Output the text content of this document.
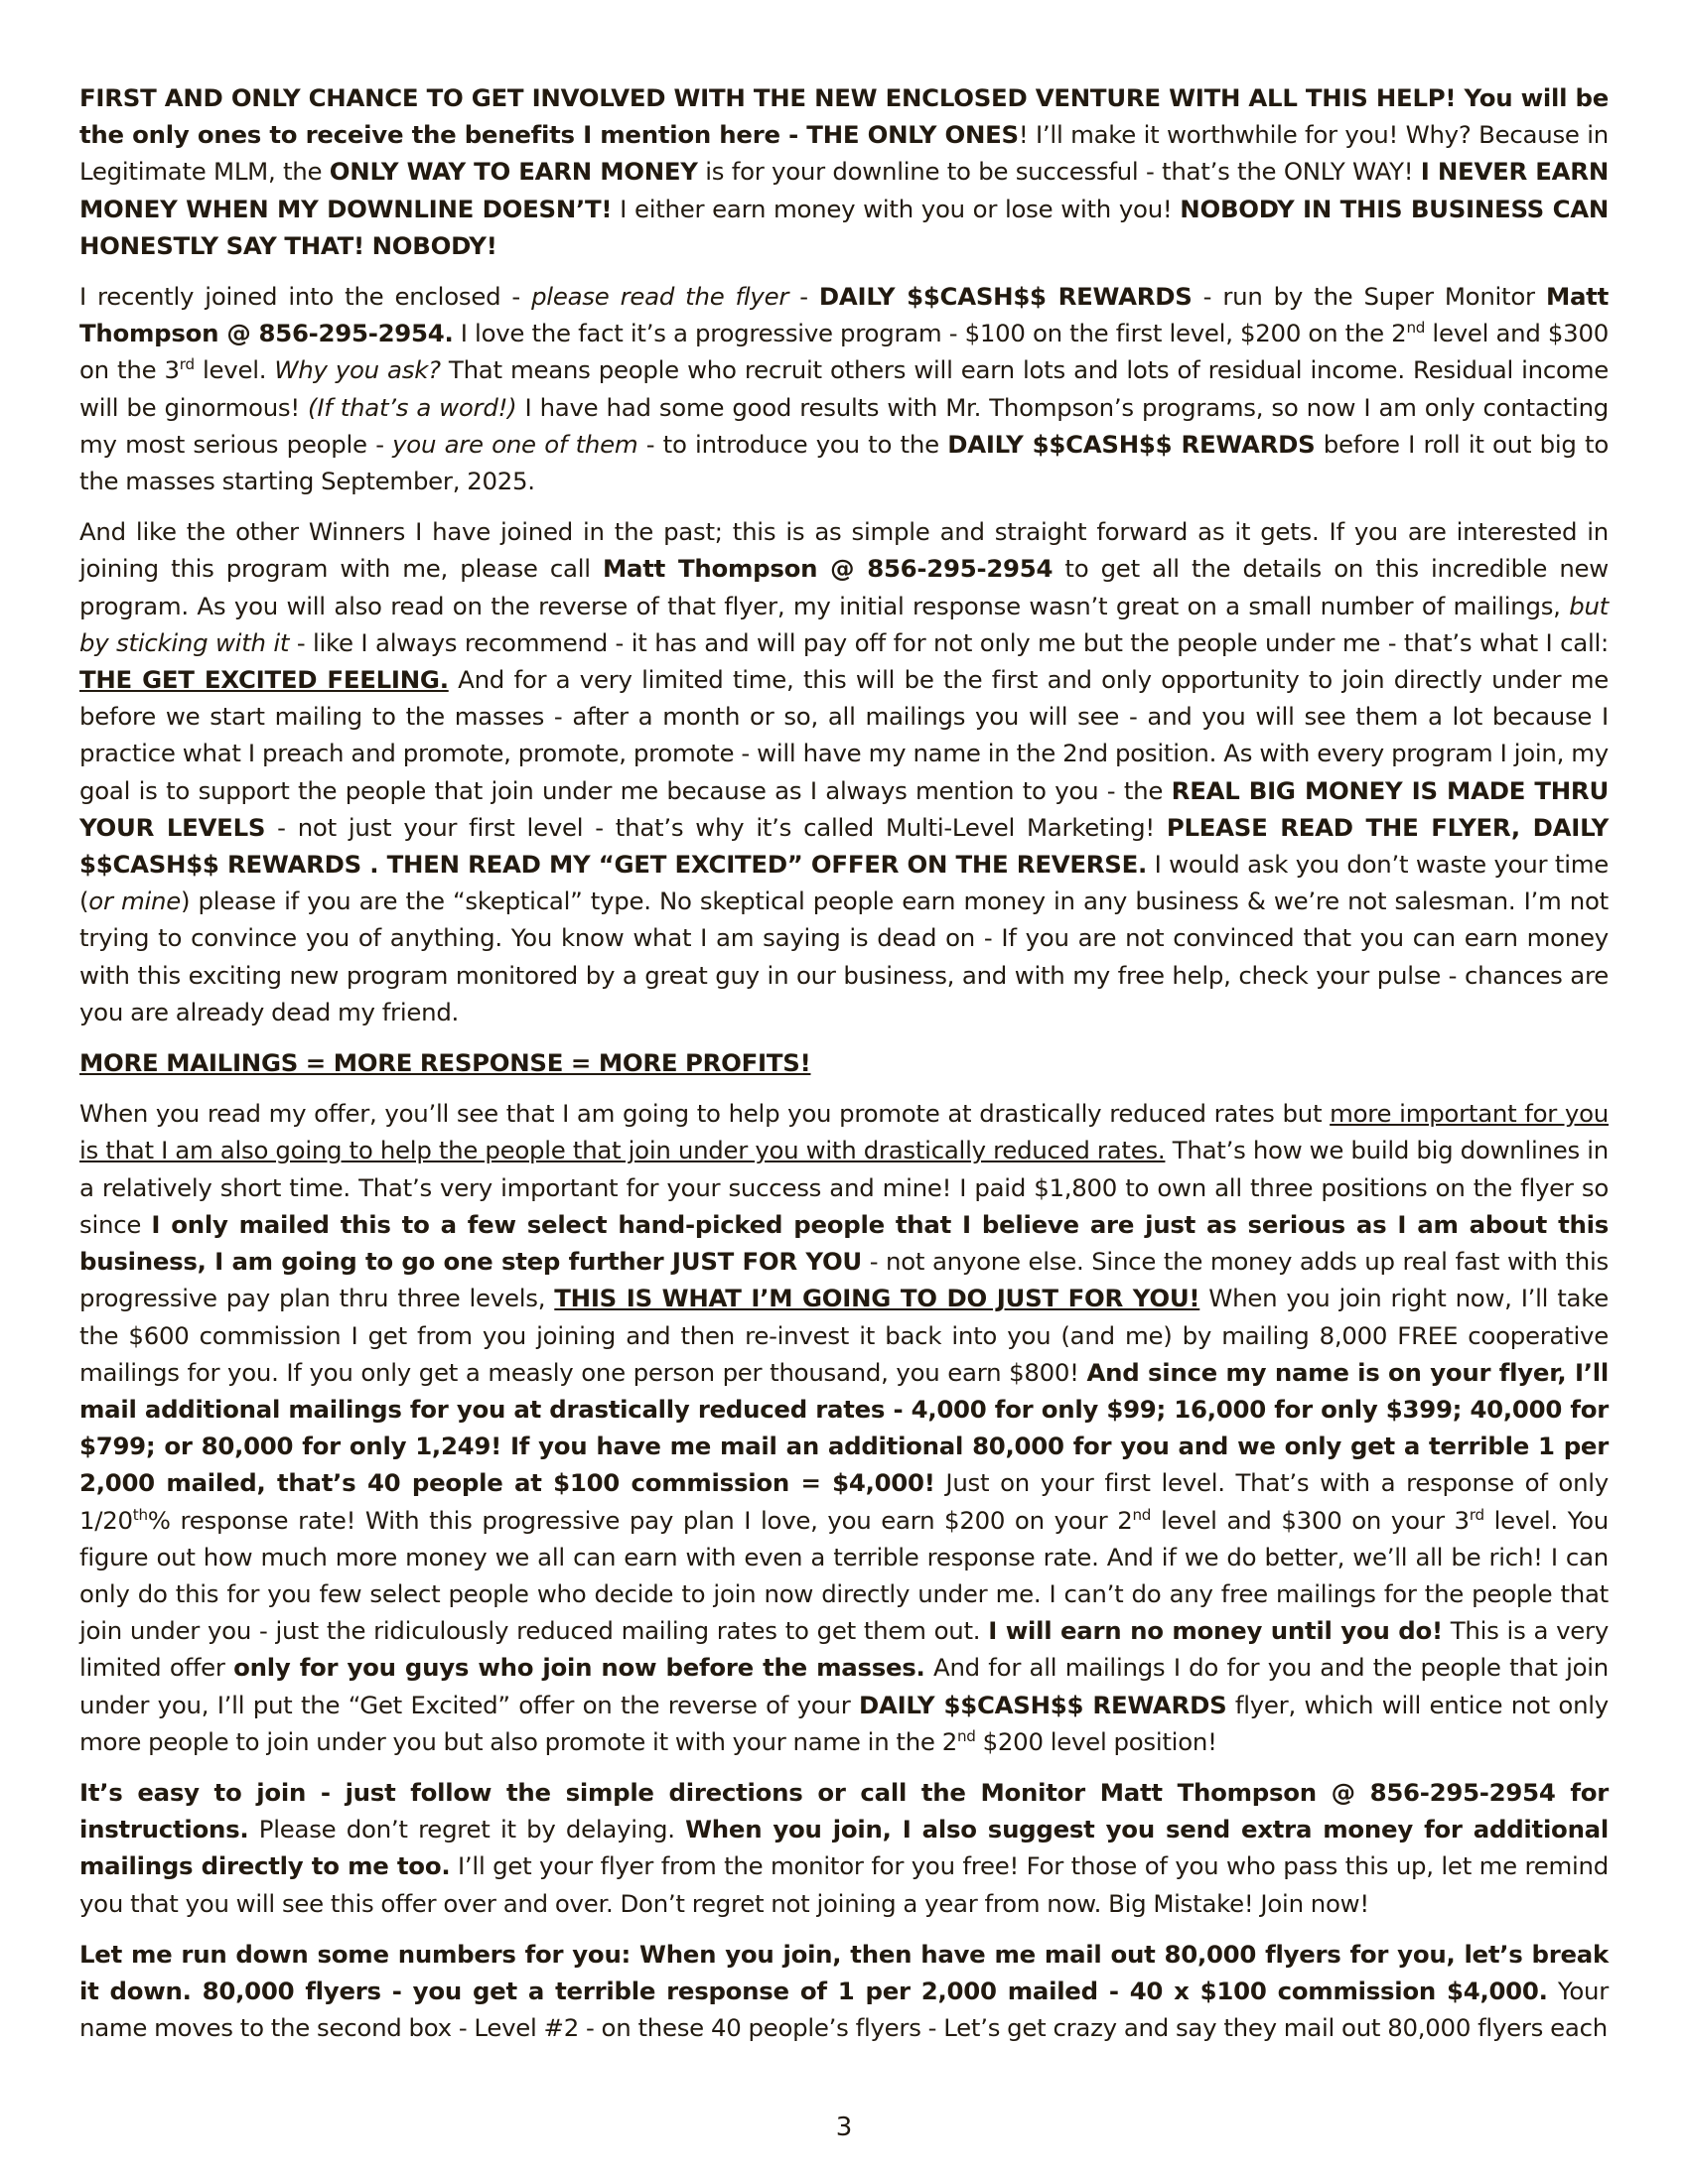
FIRST AND ONLY CHANCE TO GET INVOLVED WITH THE NEW ENCLOSED VENTURE WITH ALL THIS HELP! You will be the only ones to receive the benefits I mention here - THE ONLY ONES! I’ll make it worthwhile for you! Why? Because in Legitimate MLM, the ONLY WAY TO EARN MONEY is for your downline to be successful - that’s the ONLY WAY! I NEVER EARN MONEY WHEN MY DOWNLINE DOESN’T! I either earn money with you or lose with you! NOBODY IN THIS BUSINESS CAN HONESTLY SAY THAT! NOBODY!

I recently joined into the enclosed - please read the flyer - DAILY $$CASH$$ REWARDS - run by the Super Monitor Matt Thompson @ 856-295-2954. I love the fact it’s a progressive program - $100 on the first level, $200 on the 2nd level and $300 on the 3rd level. Why you ask? That means people who recruit others will earn lots and lots of residual income. Residual income will be ginormous! (If that’s a word!) I have had some good results with Mr. Thompson’s programs, so now I am only contacting my most serious people - you are one of them - to introduce you to the DAILY $$CASH$$ REWARDS before I roll it out big to the masses starting September, 2025.

And like the other Winners I have joined in the past; this is as simple and straight forward as it gets. If you are interested in joining this program with me, please call Matt Thompson @ 856-295-2954 to get all the details on this incredible new program. As you will also read on the reverse of that flyer, my initial response wasn’t great on a small number of mailings, but by sticking with it - like I always recommend - it has and will pay off for not only me but the people under me - that’s what I call: THE GET EXCITED FEELING. And for a very limited time, this will be the first and only opportunity to join directly under me before we start mailing to the masses - after a month or so, all mailings you will see - and you will see them a lot because I practice what I preach and promote, promote, promote - will have my name in the 2nd position. As with every program I join, my goal is to support the people that join under me because as I always mention to you - the REAL BIG MONEY IS MADE THRU YOUR LEVELS - not just your first level - that’s why it’s called Multi-Level Marketing! PLEASE READ THE FLYER, DAILY $$CASH$$ REWARDS . THEN READ MY “GET EXCITED” OFFER ON THE REVERSE. I would ask you don’t waste your time (or mine) please if you are the “skeptical” type. No skeptical people earn money in any business & we’re not salesman. I’m not trying to convince you of anything. You know what I am saying is dead on - If you are not convinced that you can earn money with this exciting new program monitored by a great guy in our business, and with my free help, check your pulse - chances are you are already dead my friend.

MORE MAILINGS = MORE RESPONSE = MORE PROFITS!

When you read my offer, you’ll see that I am going to help you promote at drastically reduced rates but more important for you is that I am also going to help the people that join under you with drastically reduced rates. That’s how we build big downlines in a relatively short time. That’s very important for your success and mine! I paid $1,800 to own all three positions on the flyer so since I only mailed this to a few select hand-picked people that I believe are just as serious as I am about this business, I am going to go one step further JUST FOR YOU - not anyone else. Since the money adds up real fast with this progressive pay plan thru three levels, THIS IS WHAT I’M GOING TO DO JUST FOR YOU! When you join right now, I’ll take the $600 commission I get from you joining and then re-invest it back into you (and me) by mailing 8,000 FREE cooperative mailings for you. If you only get a measly one person per thousand, you earn $800! And since my name is on your flyer, I’ll mail additional mailings for you at drastically reduced rates - 4,000 for only $99; 16,000 for only $399; 40,000 for $799; or 80,000 for only 1,249! If you have me mail an additional 80,000 for you and we only get a terrible 1 per 2,000 mailed, that’s 40 people at $100 commission = $4,000! Just on your first level. That’s with a response of only 1/20th% response rate! With this progressive pay plan I love, you earn $200 on your 2nd level and $300 on your 3rd level. You figure out how much more money we all can earn with even a terrible response rate. And if we do better, we’ll all be rich! I can only do this for you few select people who decide to join now directly under me. I can’t do any free mailings for the people that join under you - just the ridiculously reduced mailing rates to get them out. I will earn no money until you do! This is a very limited offer only for you guys who join now before the masses. And for all mailings I do for you and the people that join under you, I’ll put the “Get Excited” offer on the reverse of your DAILY $$CASH$$ REWARDS flyer, which will entice not only more people to join under you but also promote it with your name in the 2nd $200 level position!

It’s easy to join - just follow the simple directions or call the Monitor Matt Thompson @ 856-295-2954 for instructions. Please don’t regret it by delaying. When you join, I also suggest you send extra money for additional mailings directly to me too. I’ll get your flyer from the monitor for you free! For those of you who pass this up, let me remind you that you will see this offer over and over. Don’t regret not joining a year from now. Big Mistake! Join now!

Let me run down some numbers for you: When you join, then have me mail out 80,000 flyers for you, let’s break it down. 80,000 flyers - you get a terrible response of 1 per 2,000 mailed - 40 x $100 commission $4,000. Your name moves to the second box - Level #2 - on these 40 people’s flyers - Let’s get crazy and say they mail out 80,000 flyers each

3
